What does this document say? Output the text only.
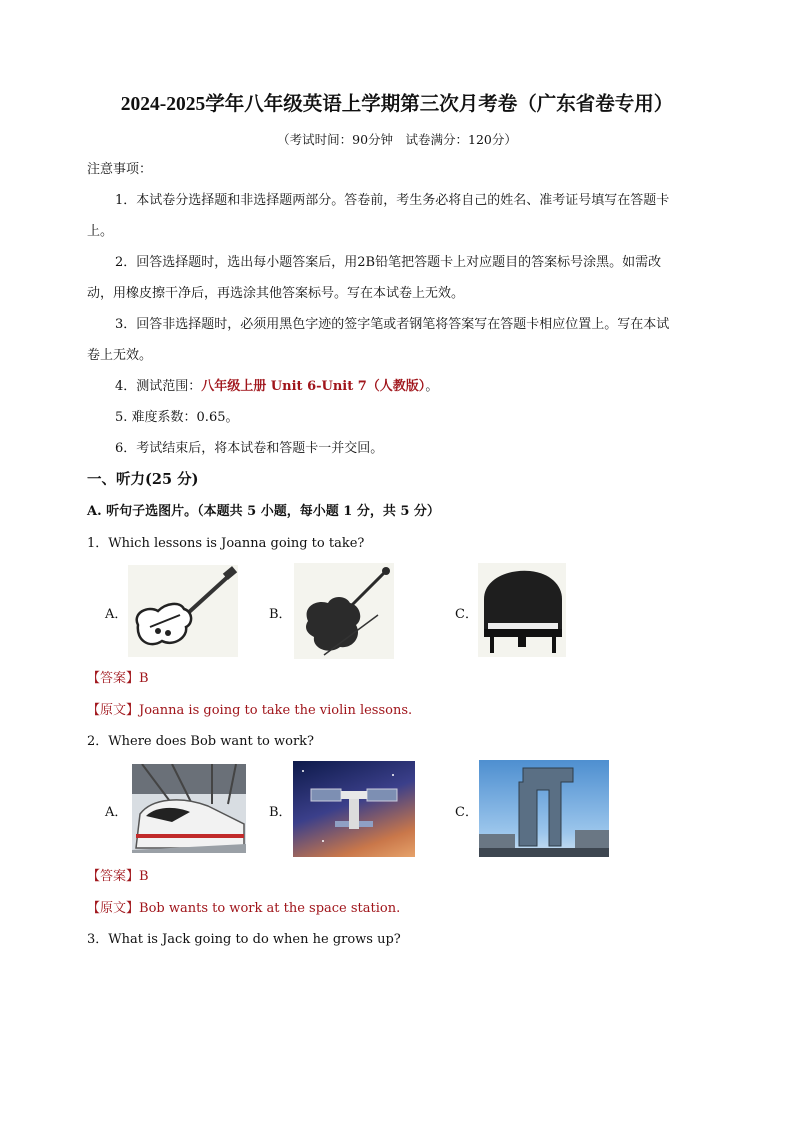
2024-2025学年八年级英语上学期第三次月考卷（广东省卷专用）
（考试时间：90分钟　试卷满分：120分）
注意事项：
1．本试卷分选择题和非选择题两部分。答卷前，考生务必将自己的姓名、准考证号填写在答题卡
上。
2．回答选择题时，选出每小题答案后，用2B铅笔把答题卡上对应题目的答案标号涂黑。如需改
动，用橡皮擦干净后，再选涂其他答案标号。写在本试卷上无效。
3．回答非选择题时，必须用黑色字迹的签字笔或者钢笔将答案写在答题卡相应位置上。写在本试
卷上无效。
4．测试范围：八年级上册 Unit 6-Unit 7（人教版）。
5. 难度系数：0.65。
6．考试结束后，将本试卷和答题卡一并交回。
一、听力(25 分)
A. 听句子选图片。（本题共 5 小题，每小题 1 分，共 5 分）
1．Which lessons is Joanna going to take?
A．	B．	C．
【答案】B
【原文】Joanna is going to take the violin lessons.
2．Where does Bob want to work?
A．	B．	C．
【答案】B
【原文】Bob wants to work at the space station.
3．What is Jack going to do when he grows up?
